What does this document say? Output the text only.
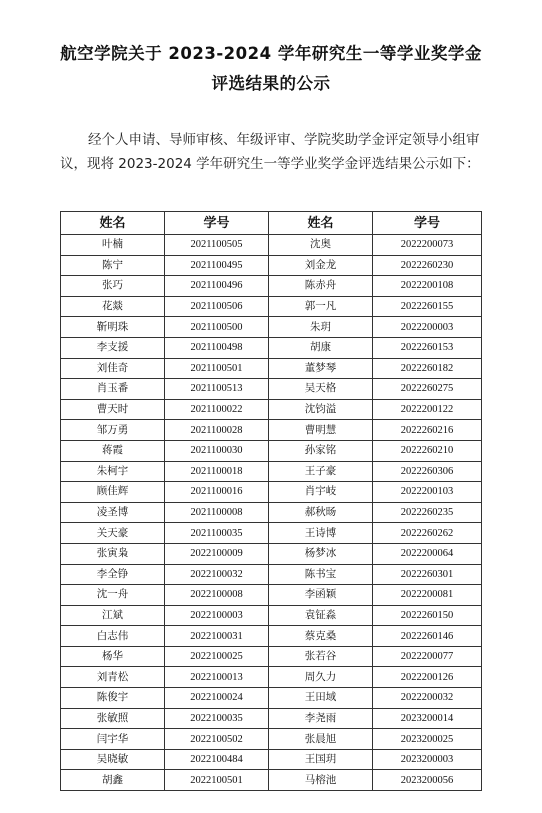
航空学院关于 2023-2024 学年研究生一等学业奖学金
评选结果的公示

经个人申请、导师审核、年级评审、学院奖助学金评定领导小组审议，现将 2023-2024 学年研究生一等学业奖学金评选结果公示如下：

姓名	学号	姓名	学号
叶楠	2021100505	沈奥	2022200073
陈宁	2021100495	刘金龙	2022260230
张巧	2021100496	陈赤舟	2022200108
花燚	2021100506	郭一凡	2022260155
靳明珠	2021100500	朱玥	2022200003
李支援	2021100498	胡康	2022260153
刘佳奇	2021100501	董梦琴	2022260182
肖玉番	2021100513	吴天格	2022260275
曹天时	2021100022	沈钧溢	2022200122
邹万勇	2021100028	曹明慧	2022260216
蒋霞	2021100030	孙家铭	2022260210
朱柯宇	2021100018	王子豪	2022260306
顾佳辉	2021100016	肖宇岐	2022200103
凌圣博	2021100008	郝秋旸	2022260235
关天豪	2021100035	王诗博	2022260262
张寅枭	2022100009	杨梦冰	2022200064
李全铮	2022100032	陈书宝	2022260301
沈一舟	2022100008	李函颖	2022200081
江斌	2022100003	袁钲淼	2022260150
白志伟	2022100031	蔡克桑	2022260146
杨华	2022100025	张若谷	2022200077
刘青松	2022100013	周久力	2022200126
陈俊宇	2022100024	王田域	2022200032
张敏照	2022100035	李尧雨	2023200014
闫宇华	2022100502	张晨旭	2023200025
吴晓敏	2022100484	王国玥	2023200003
胡鑫	2022100501	马榕池	2023200056
